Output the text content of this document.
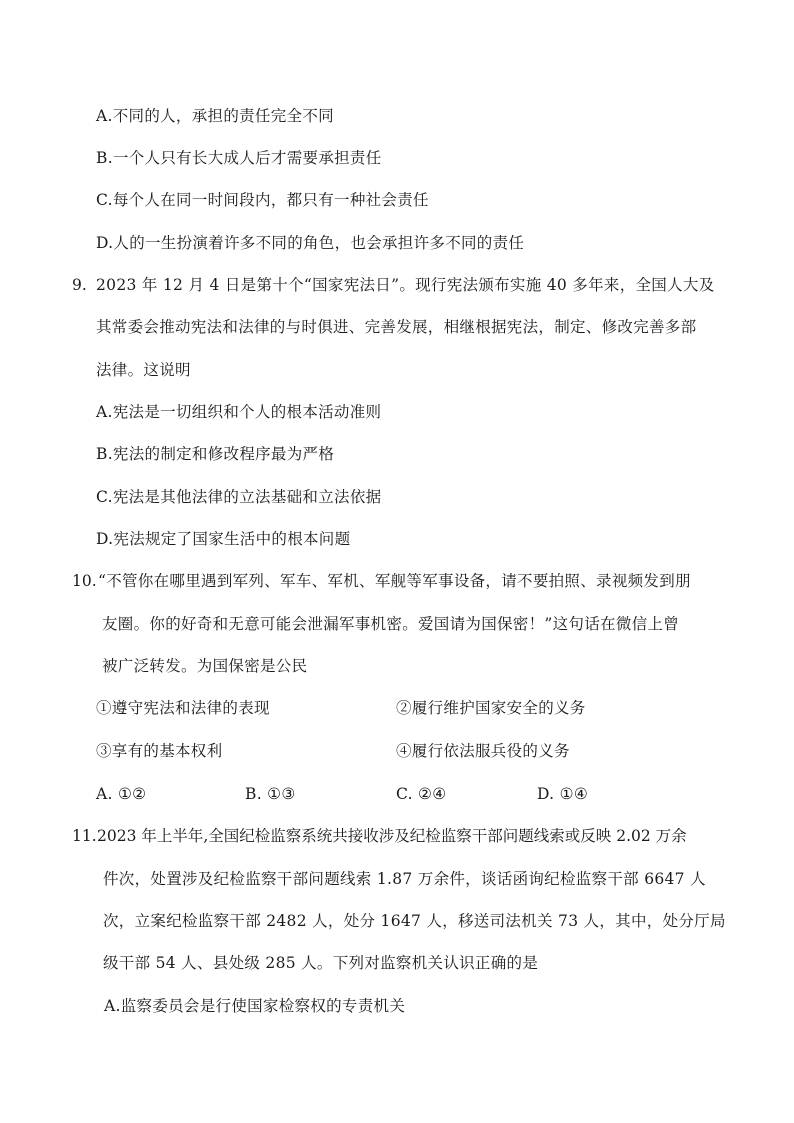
A.不同的人，承担的责任完全不同
B.一个人只有长大成人后才需要承担责任
C.每个人在同一时间段内，都只有一种社会责任
D.人的一生扮演着许多不同的角色，也会承担许多不同的责任
9. 2023 年 12 月 4 日是第十个“国家宪法日”。现行宪法颁布实施 40 多年来，全国人大及
其常委会推动宪法和法律的与时俱进、完善发展，相继根据宪法，制定、修改完善多部
法律。这说明
A.宪法是一切组织和个人的根本活动准则
B.宪法的制定和修改程序最为严格
C.宪法是其他法律的立法基础和立法依据
D.宪法规定了国家生活中的根本问题
10. “不管你在哪里遇到军列、军车、军机、军舰等军事设备，请不要拍照、录视频发到朋
友圈。你的好奇和无意可能会泄漏军事机密。爱国请为国保密！”这句话在微信上曾
被广泛转发。为国保密是公民
①遵守宪法和法律的表现	②履行维护国家安全的义务
③享有的基本权利	④履行依法服兵役的义务
A. ①②	B. ①③	C. ②④	D. ①④
11. 2023 年上半年,全国纪检监察系统共接收涉及纪检监察干部问题线索或反映 2.02 万余
件次，处置涉及纪检监察干部问题线索 1.87 万余件，谈话函询纪检监察干部 6647 人
次，立案纪检监察干部 2482 人，处分 1647 人，移送司法机关 73 人，其中，处分厅局
级干部 54 人、县处级 285 人。下列对监察机关认识正确的是
A.监察委员会是行使国家检察权的专责机关
